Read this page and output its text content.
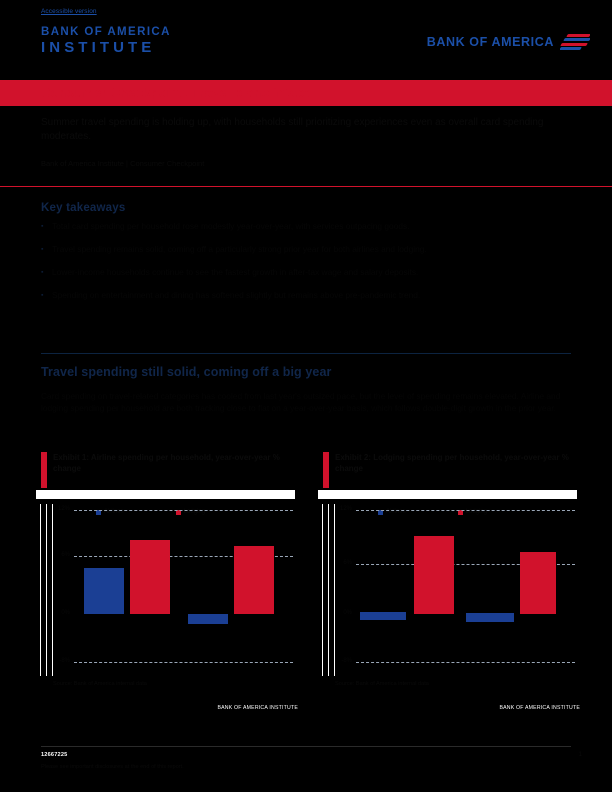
Accessible version
BANK OF AMERICA
INSTITUTE	BANK OF AMERICA
Consumer Checkpoint: Travel plans intact
Summer travel spending is holding up, with households still prioritizing experiences even as overall card spending moderates.
Bank of America Institute | Consumer Checkpoint
Key takeaways
▪ Total card spending per household rose modestly year-over-year, with services outpacing goods.
▪ Travel spending remains solid, coming off a particularly strong prior year for both airlines and lodging.
▪ Lower-income households continue to see the fastest growth in after-tax wage and salary deposits.
▪ Spending on entertainment and dining has softened slightly but remains above pre-pandemic trend.
Travel spending still solid, coming off a big year
Card spending on travel-related categories has cooled from last year's outsized pace, but the level of spending remains elevated. Airline and lodging spending per household are both tracking close to flat on a year-over-year basis, which follows double-digit growth in the prior year.
Exhibit 1: Airline spending per household, year-over-year % change
Airlines	Lodging
12%
6%
0%
-8%
Source: Bank of America internal data
BANK OF AMERICA INSTITUTE
Exhibit 2: Lodging spending per household, year-over-year % change
Airlines	Lodging
12%
6%
0%
-8%
Source: Bank of America internal data
BANK OF AMERICA INSTITUTE
12667225
Please see important disclosures at the end of this report.
1
